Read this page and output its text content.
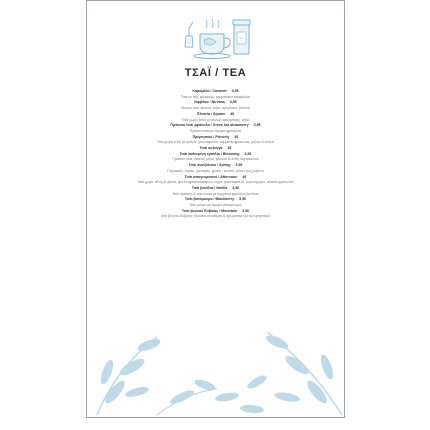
ΤΣΑΪ / TEA
Καραμέλα / Caramel 3,5€
Τσάι με ατή, φλαμούρι, κομματάκια καραμέλας
Νιρβάνα / Nirvana 3,5€
Μαύρο τσάι, κανέλα, μήλο, αμύγδαλο, βανίλια
Πλατεία / Square 4€
Τσάι χωρίς τεΐνη με φύλλα, κράνμπερις, μήλο
Πράσινο τσάι φράουλα / Green tea strawberry 3,5€
Πράσινο τσάι με άρωμα φράουλας
Πριγκηπικό / Princely 4€
Τσάι χωρίς τεΐνη με φύλλα, τριαντάφυλλο, κομμάτια φράουλας, μήλου & ανανά
Τσάι ουλονγκ 4€
Τσάι ανθισμένη εγκαλία / Blooming 3,5€
Πράσινο τσάι, κανέλα, μήλο, φλούδα & άνθη πορτοκαλιού
Τσάι ανοιξιάτικο / Spring 3,5€
Πορτοκάλι, λεμόνι, μανταρίνι, φλοιός, κανέλα, μέντα, ροζ ραβέντι
Τσάι απογευματινό / Afternoon 4€
Τσάι χωρίς τεΐνη με ιβίσκο, φύλλα φραγκοστάφυλο, άγριο τριαντάφυλλο, λεμονόχορτο, πέταλα φράουλας
Τσάι βανίλια / Vanilla 3,5€
Τσάι πράσινο & τσάι λευκό με κομμάτια φρούτων βανίλιας
Τσάι βατόμουρο / Blackberry 3,5€
Τσάι μαύρο με άρωμα βατόμουρου
Τσάι βουνού Ευβοίας / Mountain 3,5€
Τσάι βουνού Ευβοίας πλούσιο σε αιθέρια & αρωματικά για τον οργανισμό
